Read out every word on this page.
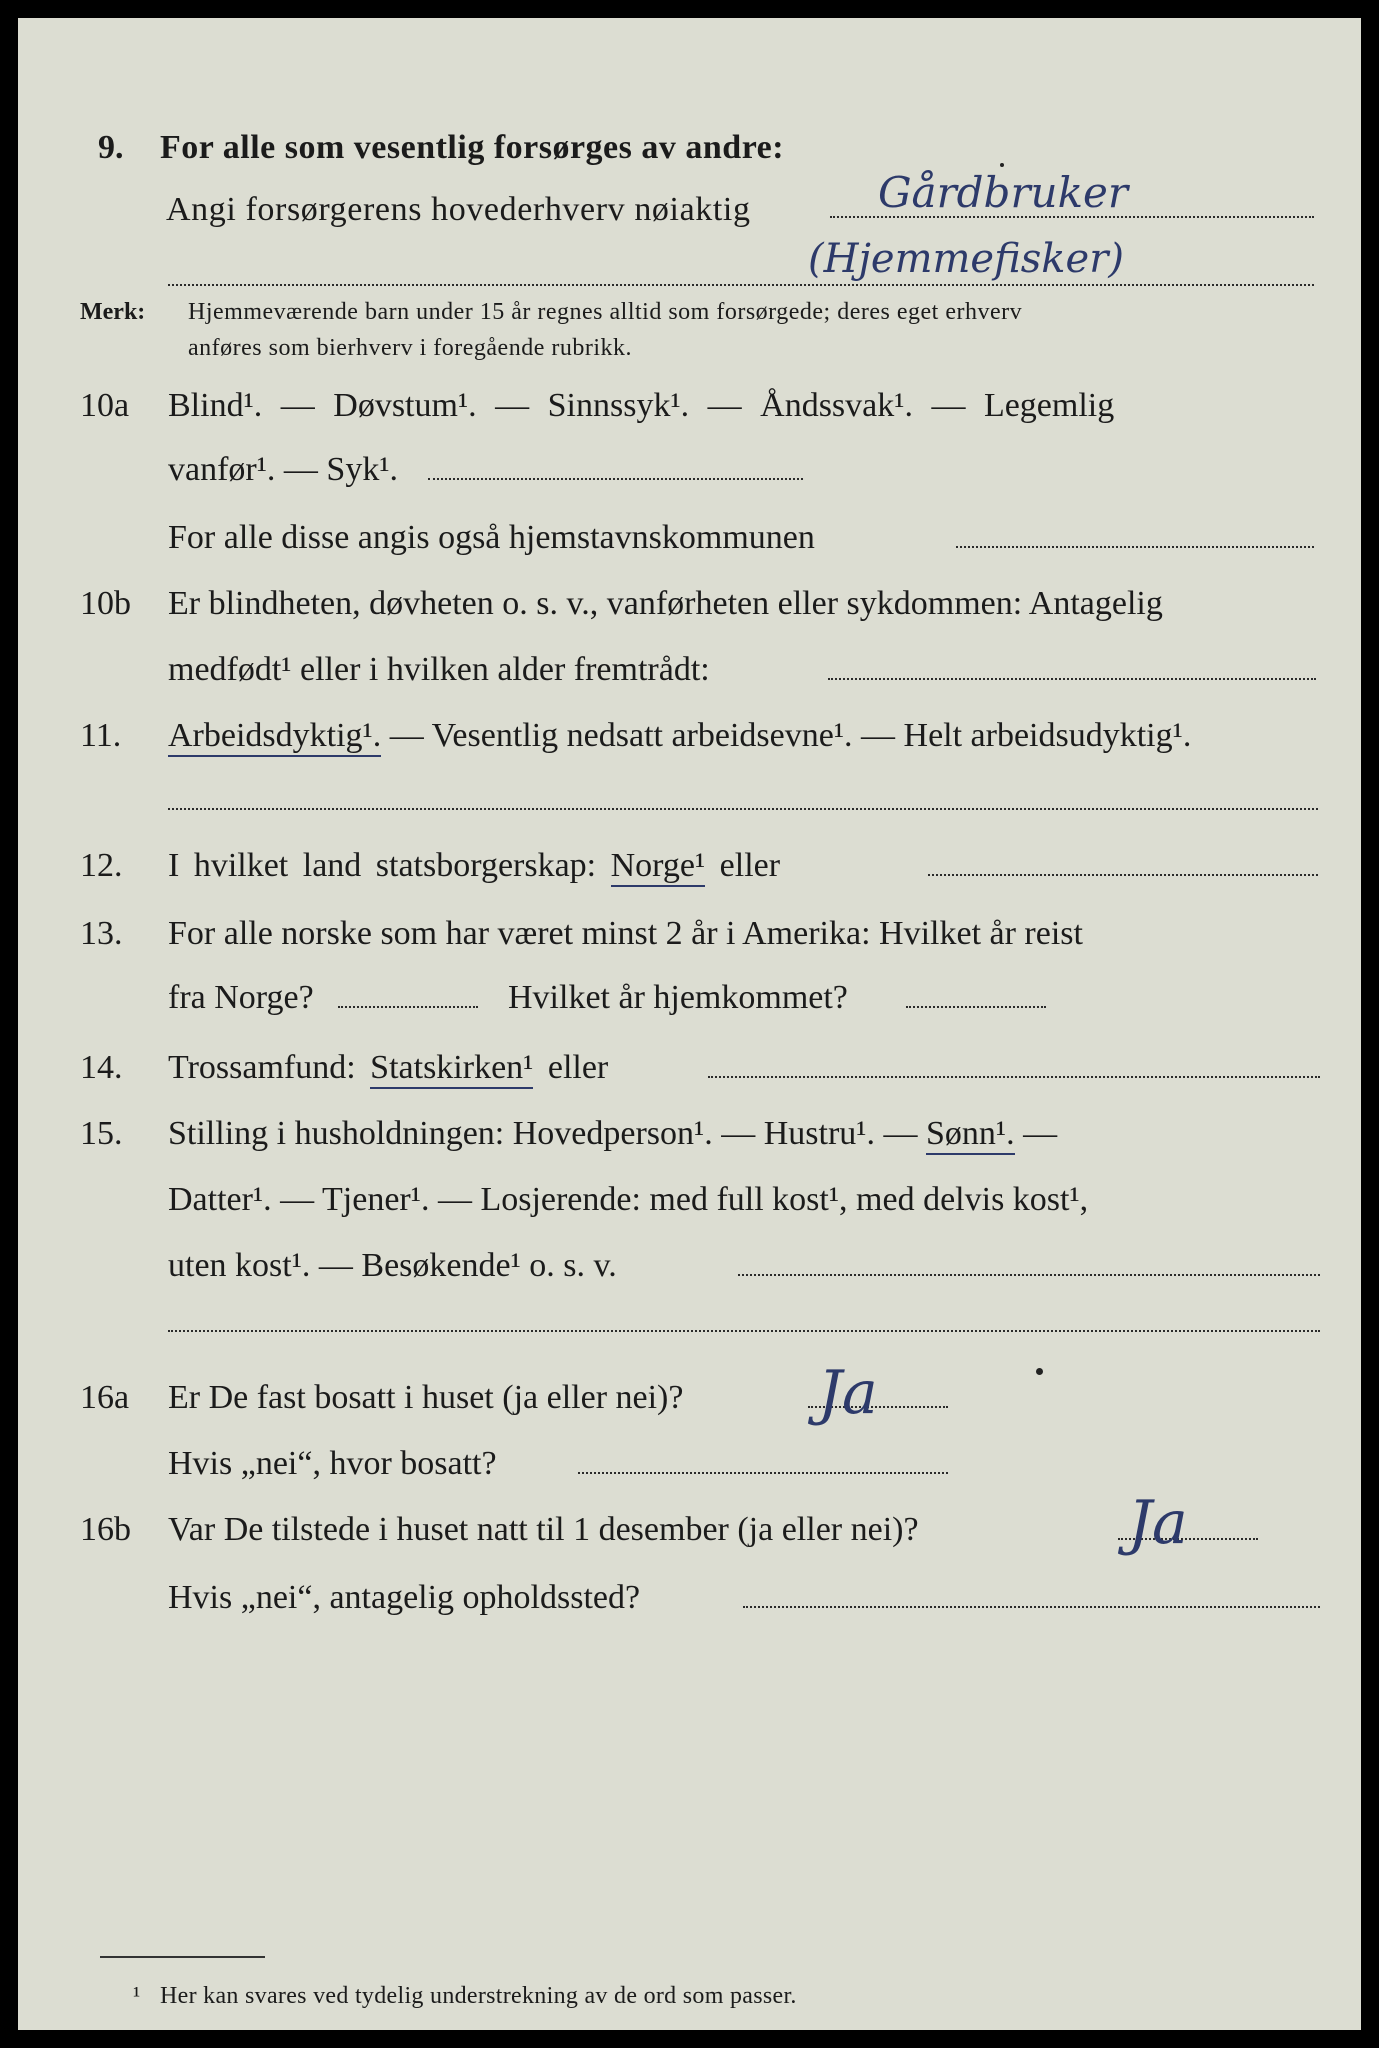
9. For alle som vesentlig forsørges av andre:
Angi forsørgerens hovederhverv nøiaktig	Gårdbruker
(Hjemmefisker)
Merk: Hjemmeværende barn under 15 år regnes alltid som forsørgede; deres eget erhverv
anføres som bierhverv i foregående rubrikk.
10a Blind¹. — Døvstum¹. — Sinnssyk¹. — Åndssvak¹. — Legemlig
vanfør¹. — Syk¹.
For alle disse angis også hjemstavnskommunen
10b Er blindheten, døvheten o. s. v., vanførheten eller sykdommen: Antagelig
medfødt¹ eller i hvilken alder fremtrådt:
11. Arbeidsdyktig¹. — Vesentlig nedsatt arbeidsevne¹. — Helt arbeidsudyktig¹.
12. I hvilket land statsborgerskap: Norge¹ eller
13. For alle norske som har været minst 2 år i Amerika: Hvilket år reist
fra Norge?	Hvilket år hjemkommet?
14. Trossamfund: Statskirken¹ eller
15. Stilling i husholdningen: Hovedperson¹. — Hustru¹. — Sønn¹. —
Datter¹. — Tjener¹. — Losjerende: med full kost¹, med delvis kost¹,
uten kost¹. — Besøkende¹ o. s. v.
16a Er De fast bosatt i huset (ja eller nei)? Ja
Hvis „nei“, hvor bosatt?
16b Var De tilstede i huset natt til 1 desember (ja eller nei)?	Ja
Hvis „nei“, antagelig opholdssted?
¹ Her kan svares ved tydelig understrekning av de ord som passer.
